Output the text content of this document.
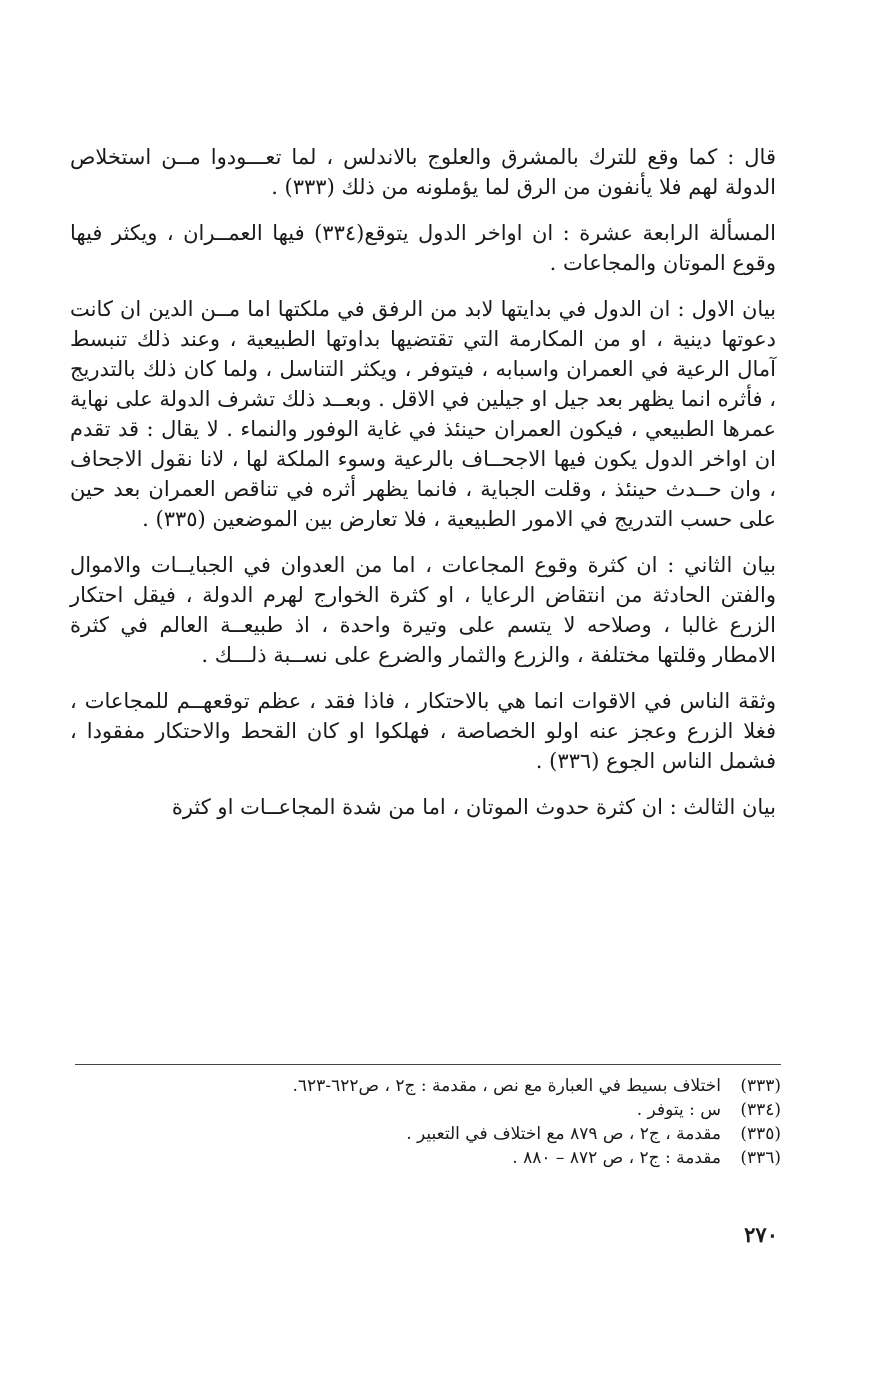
قال : كما وقع للترك بالمشرق والعلوج بالاندلس ، لما تعـــودوا مــن استخلاص الدولة لهم فلا يأنفون من الرق لما يؤملونه من ذلك (٣٣٣) .

المسألة الرابعة عشرة : ان اواخر الدول يتوقع(٣٣٤) فيها العمــران ، ويكثر فيها وقوع الموتان والمجاعات .

بيان الاول : ان الدول في بدايتها لابد من الرفق في ملكتها اما مــن الدين ان كانت دعوتها دينية ، او من المكارمة التي تقتضيها بداوتها الطبيعية ، وعند ذلك تنبسط آمال الرعية في العمران واسبابه ، فيتوفر ، ويكثر التناسل ، ولما كان ذلك بالتدريج ، فأثره انما يظهر بعد جيل او جيلين في الاقل . وبعــد ذلك تشرف الدولة على نهاية عمرها الطبيعي ، فيكون العمران حينئذ في غاية الوفور والنماء . لا يقال : قد تقدم ان اواخر الدول يكون فيها الاجحــاف بالرعية وسوء الملكة لها ، لانا نقول الاجحاف ، وان حــدث حينئذ ، وقلت الجباية ، فانما يظهر أثره في تناقص العمران بعد حين على حسب التدريج في الامور الطبيعية ، فلا تعارض بين الموضعين (٣٣٥) .

بيان الثاني : ان كثرة وقوع المجاعات ، اما من العدوان في الجبايــات والاموال والفتن الحادثة من انتقاض الرعايا ، او كثرة الخوارج لهرم الدولة ، فيقل احتكار الزرع غالبا ، وصلاحه لا يتسم على وتيرة واحدة ، اذ طبيعــة العالم في كثرة الامطار وقلتها مختلفة ، والزرع والثمار والضرع على نســبة ذلـــك .

وثقة الناس في الاقوات انما هي بالاحتكار ، فاذا فقد ، عظم توقعهــم للمجاعات ، فغلا الزرع وعجز عنه اولو الخصاصة ، فهلكوا او كان القحط والاحتكار مفقودا ، فشمل الناس الجوع (٣٣٦) .

بيان الثالث : ان كثرة حدوث الموتان ، اما من شدة المجاعــات او كثرة

(٣٣٣)
اختلاف بسيط في العبارة مع نص ، مقدمة : ج٢ ، ص٦٢٢-٦٢٣.
(٣٣٤)
س : يتوفر .
(٣٣٥)
مقدمة ، ج٢ ، ص ٨٧٩ مع اختلاف في التعبير .
(٣٣٦)
مقدمة : ج٢ ، ص ٨٧٢ – ٨٨٠ .
٢٧٠
